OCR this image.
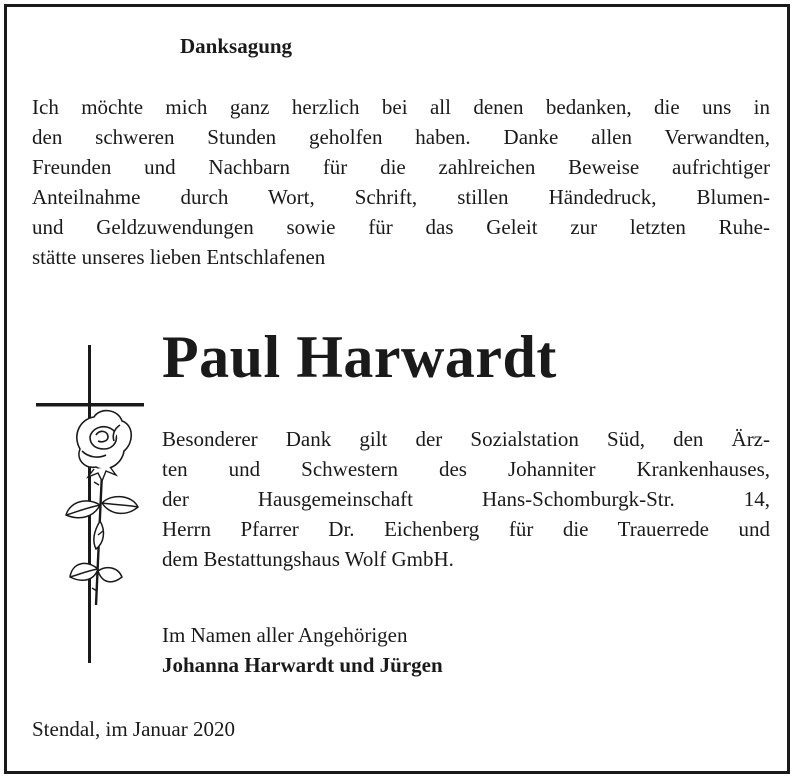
Danksagung
Ich möchte mich ganz herzlich bei all denen bedanken, die uns in
den schweren Stunden geholfen haben. Danke allen Verwandten,
Freunden und Nachbarn für die zahlreichen Beweise aufrichtiger
Anteilnahme durch Wort, Schrift, stillen Händedruck, Blumen-
und Geldzuwendungen sowie für das Geleit zur letzten Ruhe-
stätte unseres lieben Entschlafenen
Paul Harwardt
Besonderer Dank gilt der Sozialstation Süd, den Ärz-
ten und Schwestern des Johanniter Krankenhauses,
der Hausgemeinschaft Hans-Schomburgk-Str. 14,
Herrn Pfarrer Dr. Eichenberg für die Trauerrede und
dem Bestattungshaus Wolf GmbH.
Im Namen aller Angehörigen
Johanna Harwardt und Jürgen
Stendal, im Januar 2020
